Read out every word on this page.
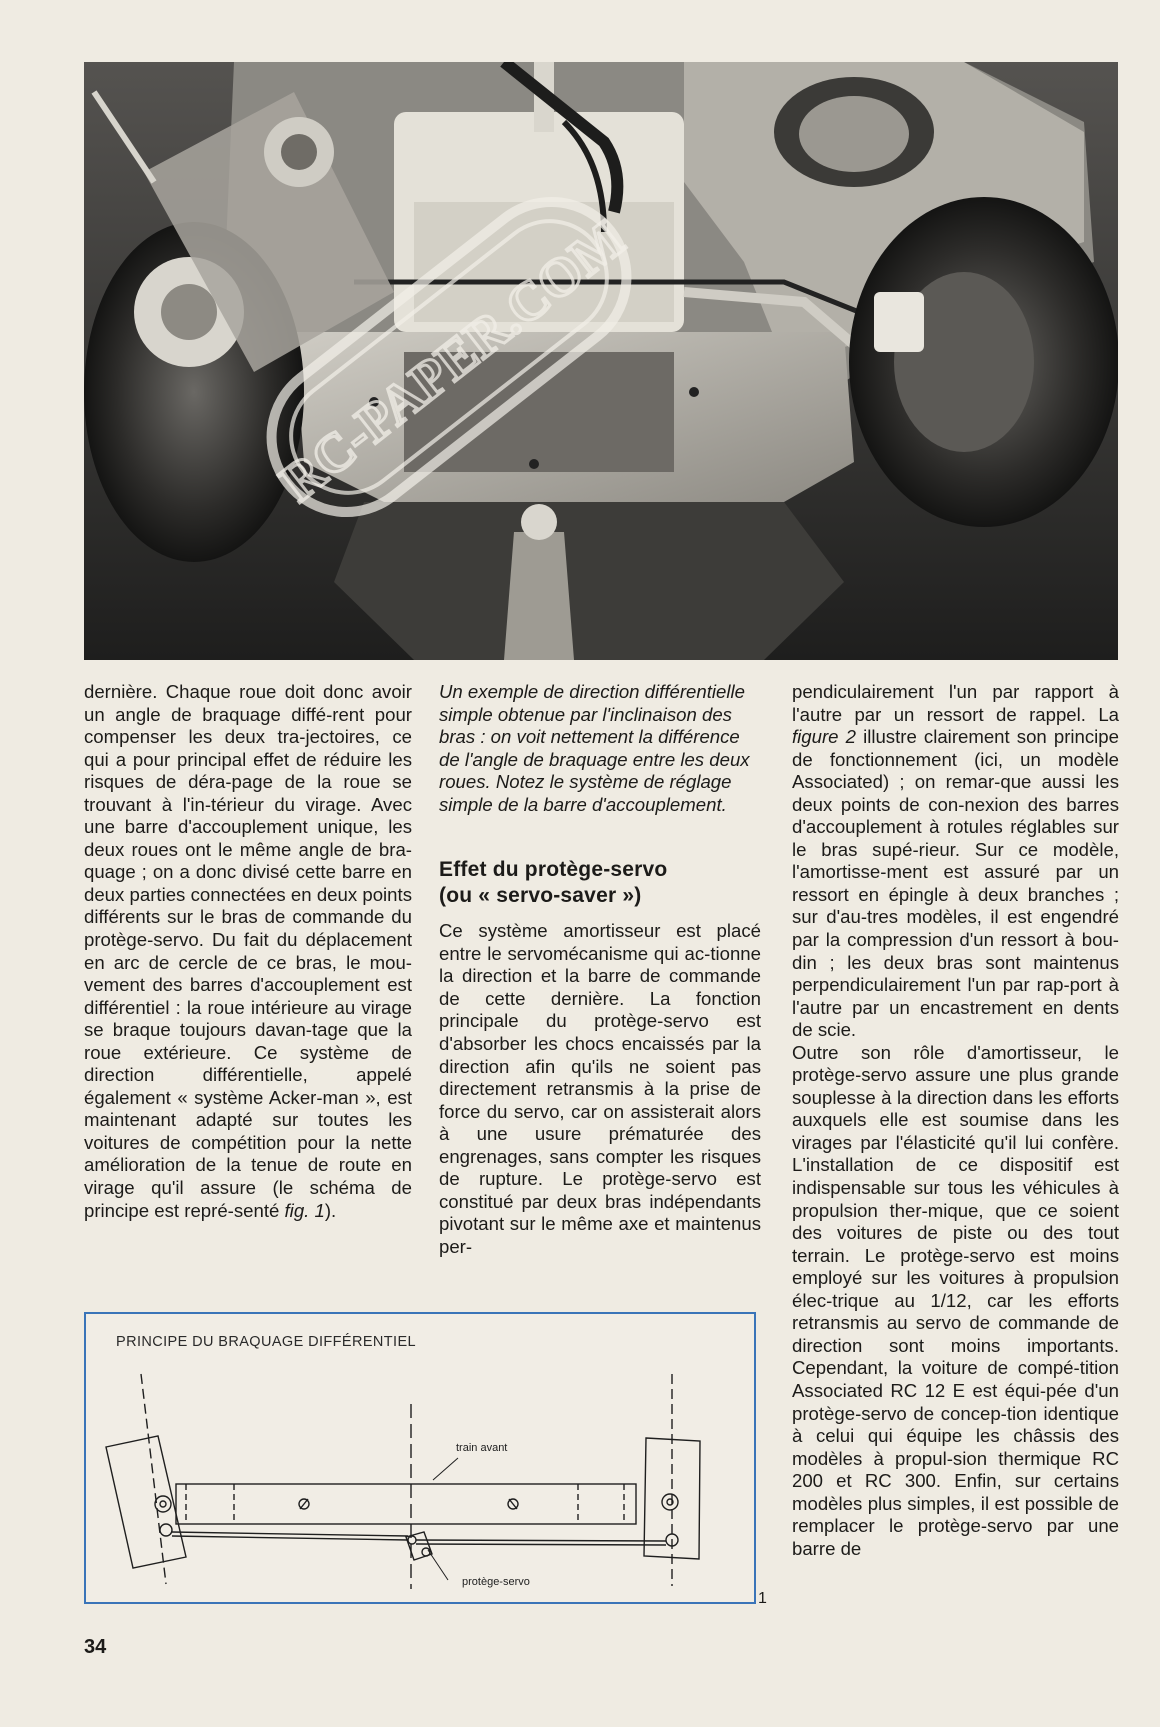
RC-PAPER.COM

dernière. Chaque roue doit donc avoir un angle de braquage diffé-rent pour compenser les deux tra-jectoires, ce qui a pour principal effet de réduire les risques de déra-page de la roue se trouvant à l'in-térieur du virage. Avec une barre d'accouplement unique, les deux roues ont le même angle de bra-quage ; on a donc divisé cette barre en deux parties connectées en deux points différents sur le bras de commande du protège-servo. Du fait du déplacement en arc de cercle de ce bras, le mou-vement des barres d'accouplement est différentiel : la roue intérieure au virage se braque toujours davan-tage que la roue extérieure. Ce système de direction différentielle, appelé également « système Acker-man », est maintenant adapté sur toutes les voitures de compétition pour la nette amélioration de la tenue de route en virage qu'il assure (le schéma de principe est repré-senté fig. 1).

Un exemple de direction différentielle simple obtenue par l'inclinaison des bras : on voit nettement la différence de l'angle de braquage entre les deux roues. Notez le système de réglage simple de la barre d'accouplement.

Effet du protège-servo
(ou « servo-saver »)

Ce système amortisseur est placé entre le servomécanisme qui ac-tionne la direction et la barre de commande de cette dernière. La fonction principale du protège-servo est d'absorber les chocs encaissés par la direction afin qu'ils ne soient pas directement retransmis à la prise de force du servo, car on assisterait alors à une usure prématurée des engrenages, sans compter les risques de rupture. Le protège-servo est constitué par deux bras indépendants pivotant sur le même axe et maintenus per-

pendiculairement l'un par rapport à l'autre par un ressort de rappel. La figure 2 illustre clairement son principe de fonctionnement (ici, un modèle Associated) ; on remar-que aussi les deux points de con-nexion des barres d'accouplement à rotules réglables sur le bras supé-rieur. Sur ce modèle, l'amortisse-ment est assuré par un ressort en épingle à deux branches ; sur d'au-tres modèles, il est engendré par la compression d'un ressort à bou-din ; les deux bras sont maintenus perpendiculairement l'un par rap-port à l'autre par un encastrement en dents de scie.

Outre son rôle d'amortisseur, le protège-servo assure une plus grande souplesse à la direction dans les efforts auxquels elle est soumise dans les virages par l'élasticité qu'il lui confère. L'installation de ce dispositif est indispensable sur tous les véhicules à propulsion ther-mique, que ce soient des voitures de piste ou des tout terrain. Le protège-servo est moins employé sur les voitures à propulsion élec-trique au 1/12, car les efforts retransmis au servo de commande de direction sont moins importants. Cependant, la voiture de compé-tition Associated RC 12 E est équi-pée d'un protège-servo de concep-tion identique à celui qui équipe les châssis des modèles à propul-sion thermique RC 200 et RC 300. Enfin, sur certains modèles plus simples, il est possible de remplacer le protège-servo par une barre de

PRINCIPE DU BRAQUAGE DIFFÉRENTIEL
train avant
protège-servo
1
34
